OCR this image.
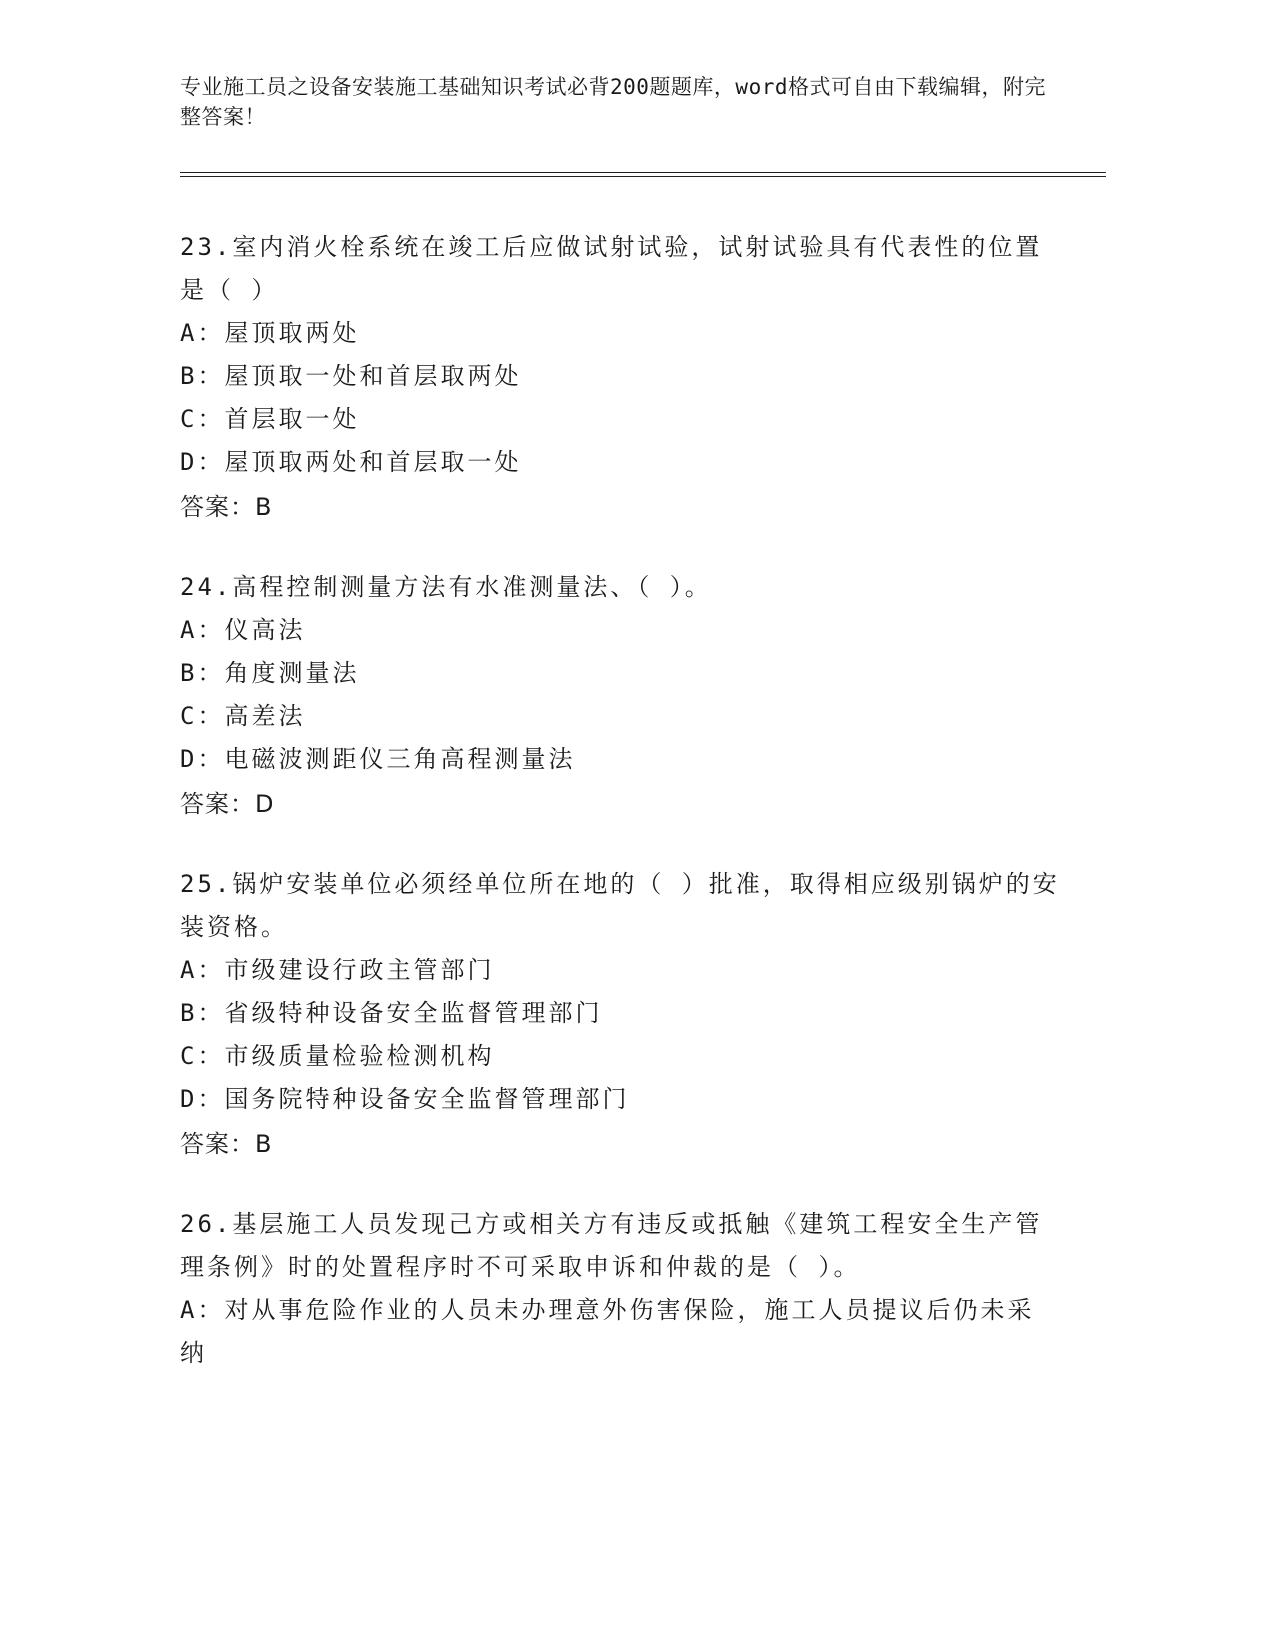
专业施工员之设备安装施工基础知识考试必背200题题库，word格式可自由下载编辑，附完整答案！
23.室内消火栓系统在竣工后应做试射试验，试射试验具有代表性的位置是（ ）
A：屋顶取两处
B：屋顶取一处和首层取两处
C：首层取一处
D：屋顶取两处和首层取一处
答案：B
24.高程控制测量方法有水准测量法、（ ）。
A：仪高法
B：角度测量法
C：高差法
D：电磁波测距仪三角高程测量法
答案：D
25.锅炉安装单位必须经单位所在地的（ ）批准，取得相应级别锅炉的安装资格。
A：市级建设行政主管部门
B：省级特种设备安全监督管理部门
C：市级质量检验检测机构
D：国务院特种设备安全监督管理部门
答案：B
26.基层施工人员发现己方或相关方有违反或抵触《建筑工程安全生产管理条例》时的处置程序时不可采取申诉和仲裁的是（ ）。
A：对从事危险作业的人员未办理意外伤害保险，施工人员提议后仍未采纳
